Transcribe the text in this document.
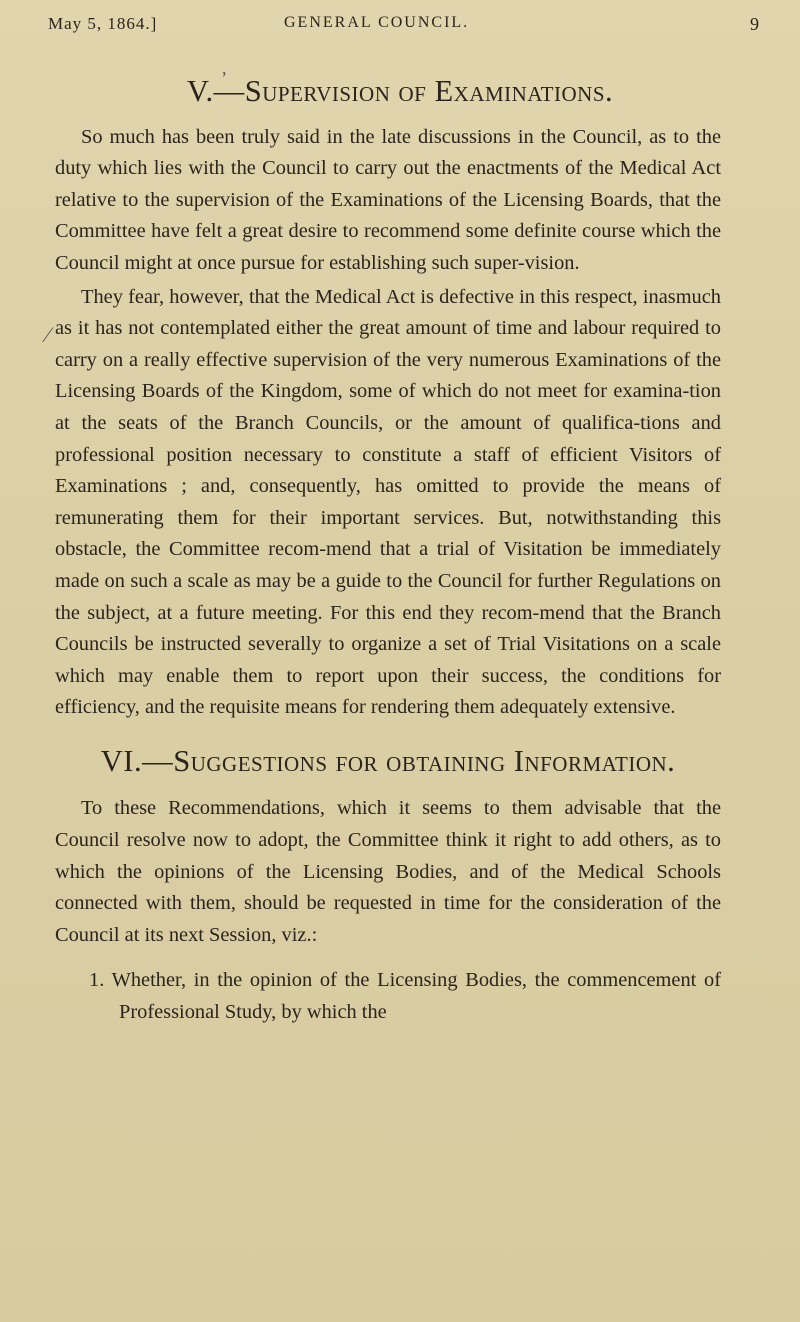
May 5, 1864.]	GENERAL COUNCIL.	9
,
⁄
V.—Supervision of Examinations.

So much has been truly said in the late discussions in the Council, as to the duty which lies with the Council to carry out the enactments of the Medical Act relative to the supervision of the Examinations of the Licensing Boards, that the Committee have felt a great desire to recommend some definite course which the Council might at once pursue for establishing such super-vision.

They fear, however, that the Medical Act is defective in this respect, inasmuch as it has not contemplated either the great amount of time and labour required to carry on a really effective supervision of the very numerous Examinations of the Licensing Boards of the Kingdom, some of which do not meet for examina-tion at the seats of the Branch Councils, or the amount of qualifica-tions and professional position necessary to constitute a staff of efficient Visitors of Examinations ; and, consequently, has omitted to provide the means of remunerating them for their important services. But, notwithstanding this obstacle, the Committee recom-mend that a trial of Visitation be immediately made on such a scale as may be a guide to the Council for further Regulations on the subject, at a future meeting. For this end they recom-mend that the Branch Councils be instructed severally to organize a set of Trial Visitations on a scale which may enable them to report upon their success, the conditions for efficiency, and the requisite means for rendering them adequately extensive.

VI.—Suggestions for obtaining Information.

To these Recommendations, which it seems to them advisable that the Council resolve now to adopt, the Committee think it right to add others, as to which the opinions of the Licensing Bodies, and of the Medical Schools connected with them, should be requested in time for the consideration of the Council at its next Session, viz.:

1. Whether, in the opinion of the Licensing Bodies, the commencement of Professional Study, by which the
